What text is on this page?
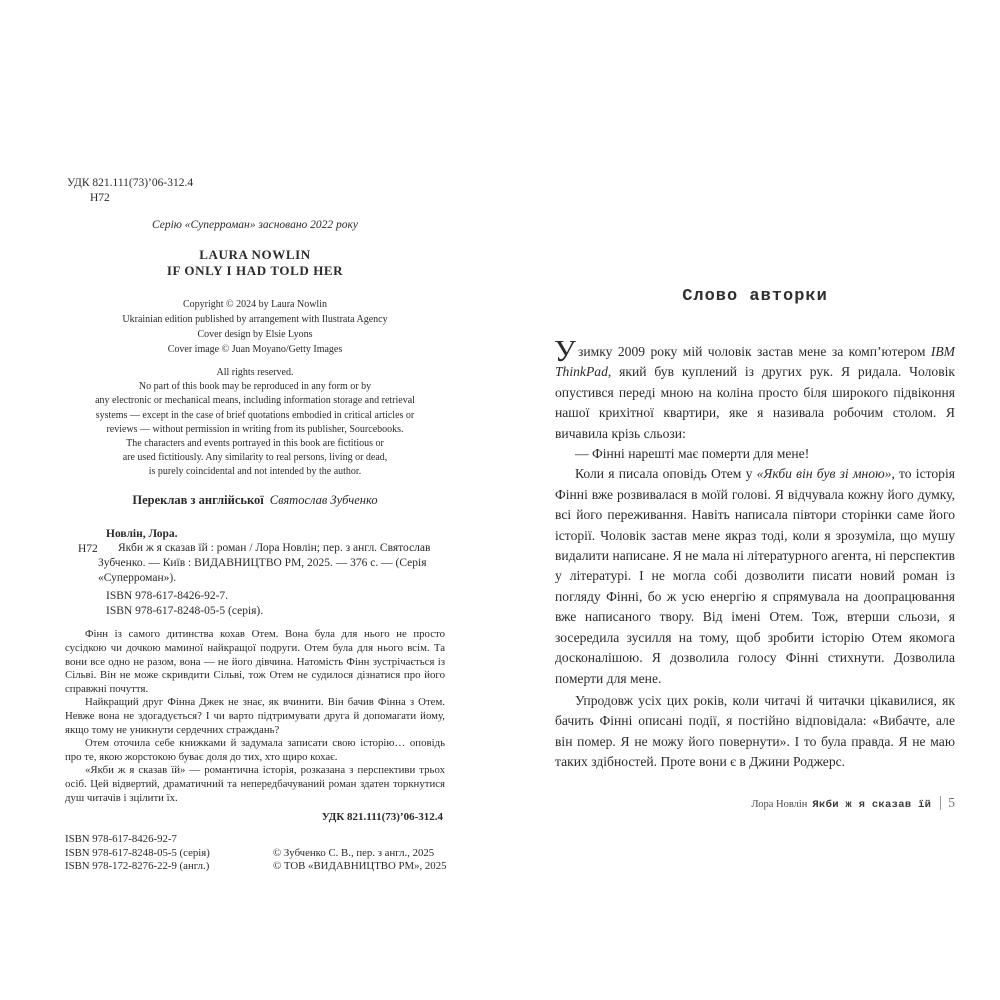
УДК 821.111(73)’06-312.4
Н72
Серію «Суперроман» засновано 2022 року
LAURA NOWLIN
IF ONLY I HAD TOLD HER
Copyright © 2024 by Laura Nowlin
Ukrainian edition published by arrangement with Ilustrata Agency
Cover design by Elsie Lyons
Cover image © Juan Moyano/Getty Images
All rights reserved.
No part of this book may be reproduced in any form or by
any electronic or mechanical means, including information storage and retrieval
systems — except in the case of brief quotations embodied in critical articles or
reviews — without permission in writing from its publisher, Sourcebooks.
The characters and events portrayed in this book are fictitious or
are used fictitiously. Any similarity to real persons, living or dead,
is purely coincidental and not intended by the author.
Переклав з англійської Святослав Зубченко
Новлін, Лора.
Н72	Якби ж я сказав їй : роман / Лора Новлін; пер. з англ. Святослав Зубченко. — Київ : ВИДАВНИЦТВО РМ, 2025. — 376 с. — (Серія «Суперроман»).

ISBN 978-617-8426-92-7.
ISBN 978-617-8248-05-5 (серія).

Фінн із самого дитинства кохав Отем. Вона була для нього не просто сусідкою чи дочкою маминої найкращої подруги. Отем була для нього всім. Та вони все одно не разом, вона — не його дівчина. Натомість Фінн зустрічається із Сільві. Він не може скривдити Сільві, тож Отем не судилося дізнатися про його справжні почуття.

Найкращий друг Фінна Джек не знає, як вчинити. Він бачив Фінна з Отем. Невже вона не здогадується? І чи варто підтримувати друга й допомагати йому, якщо тому не уникнути сердечних страждань?

Отем оточила себе книжками й задумала записати свою історію… оповідь про те, якою жорстокою буває доля до тих, хто щиро кохає.

«Якби ж я сказав їй» — романтична історія, розказана з перспективи трьох осіб. Цей відвертий, драматичний та непередбачуваний роман здатен торкнутися душ читачів і зцілити їх.

УДК 821.111(73)’06-312.4
ISBN 978-617-8426-92-7
ISBN 978-617-8248-05-5 (серія)
ISBN 978-172-8276-22-9 (англ.)
© Зубченко С. В., пер. з англ., 2025
© ТОВ «ВИДАВНИЦТВО РМ», 2025
Слово авторки

У зимку 2009 року мій чоловік застав мене за комп’ютером IBM ThinkPad, який був куплений із других рук. Я ридала. Чоловік опустився переді мною на коліна просто біля широкого підвіконня нашої крихітної квартири, яке я називала робочим столом. Я вичавила крізь сльози:

— Фінні нарешті має померти для мене!

Коли я писала оповідь Отем у «Якби він був зі мною», то історія Фінні вже розвивалася в моїй голові. Я відчувала кожну його думку, всі його переживання. Навіть написала півтори сторінки саме його історії. Чоловік застав мене якраз тоді, коли я зрозуміла, що мушу видалити написане. Я не мала ні літературного агента, ні перспектив у літературі. І не могла собі дозволити писати новий роман із погляду Фінні, бо ж усю енергію я спрямувала на доопрацювання вже написаного твору. Від імені Отем. Тож, втерши сльози, я зосередила зусилля на тому, щоб зробити історію Отем якомога досконалішою. Я дозволила голосу Фінні стихнути. Дозволила померти для мене.

Упродовж усіх цих років, коли читачі й читачки цікавилися, як бачить Фінні описані події, я постійно відповідала: «Вибачте, але він помер. Я не можу його повернути». І то була правда. Я не маю таких здібностей. Проте вони є в Джини Роджерс.

Лора Новлін Якби ж я сказав їй 5
